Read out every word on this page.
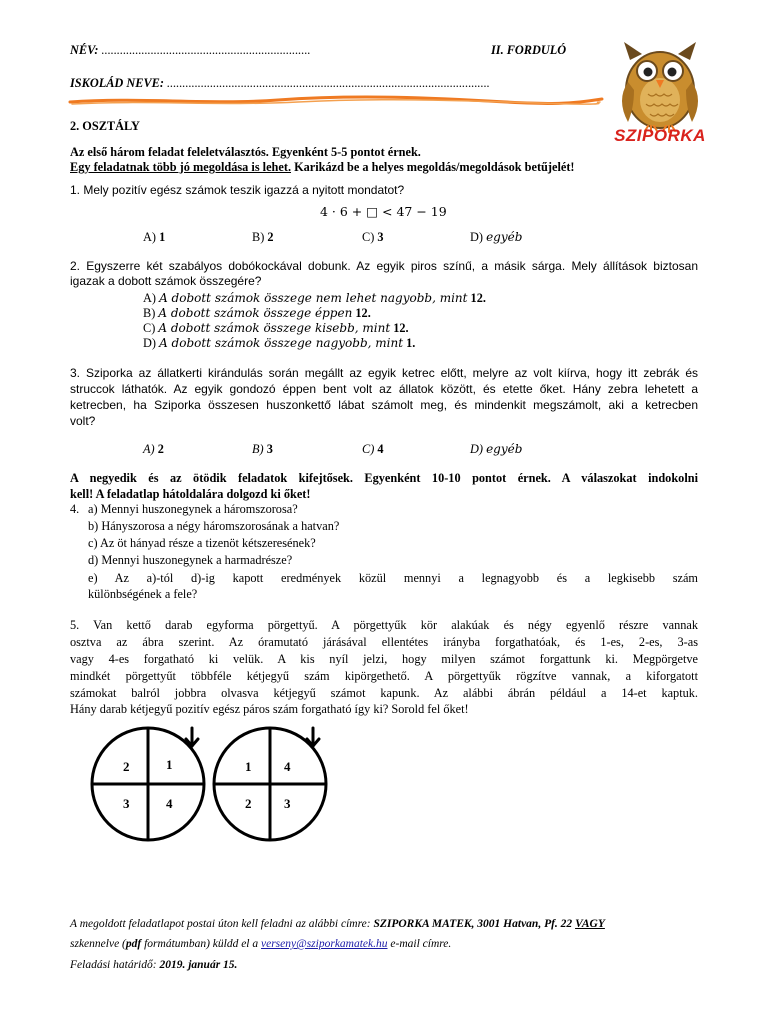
NÉV: ....................................................................	II. FORDULÓ
ISKOLÁD NEVE: .........................................................................................................
SZIPORKA
2. OSZTÁLY
Az első három feladat feleletválasztós. Egyenként 5-5 pontot érnek.
Egy feladatnak több jó megoldása is lehet. Karikázd be a helyes megoldás/megoldások betűjelét!
1. Mely pozitív egész számok teszik igazzá a nyitott mondatot?
4 · 6 + □ < 47 − 19
A) 1	B) 2	C) 3	D) egyéb
2. Egyszerre két szabályos dobókockával dobunk. Az egyik piros színű, a másik sárga. Mely állítások biztosan
igazak a dobott számok összegére?
A) A dobott számok összege nem lehet nagyobb, mint 12.
B) A dobott számok összege éppen 12.
C) A dobott számok összege kisebb, mint 12.
D) A dobott számok összege nagyobb, mint 1.
3. Sziporka az állatkerti kirándulás során megállt az egyik ketrec előtt, melyre az volt kiírva, hogy itt zebrák és
struccok láthatók. Az egyik gondozó éppen bent volt az állatok között, és etette őket. Hány zebra lehetett a
ketrecben, ha Sziporka összesen huszonkettő lábat számolt meg, és mindenkit megszámolt, aki a ketrecben
volt?
A) 2	B) 3	C) 4	D) egyéb
A negyedik és az ötödik feladatok kifejtősek. Egyenként 10-10 pontot érnek. A válaszokat indokolni
kell! A feladatlap hátoldalára dolgozd ki őket!
4. a) Mennyi huszonegynek a háromszorosa?
b) Hányszorosa a négy háromszorosának a hatvan?
c) Az öt hányad része a tizenöt kétszeresének?
d) Mennyi huszonegynek a harmadrésze?
e) Az a)-tól d)-ig kapott eredmények közül mennyi a legnagyobb és a legkisebb szám
különbségének a fele?
5. Van kettő darab egyforma pörgettyű. A pörgettyűk kör alakúak és négy egyenlő részre vannak
osztva az ábra szerint. Az óramutató járásával ellentétes irányba forgathatóak, és 1-es, 2-es, 3-as
vagy 4-es forgatható ki velük. A kis nyíl jelzi, hogy milyen számot forgattunk ki. Megpörgetve
mindkét pörgettyűt többféle kétjegyű szám kipörgethető. A pörgettyűk rögzítve vannak, a kiforgatott
számokat balról jobbra olvasva kétjegyű számot kapunk. Az alábbi ábrán például a 14-et kaptuk.
Hány darab kétjegyű pozitív egész páros szám forgatható így ki? Sorold fel őket!
2	1
3	4
1	4
2	3
A megoldott feladatlapot postai úton kell feladni az alábbi címre: SZIPORKA MATEK, 3001 Hatvan, Pf. 22 VAGY
szkennelve (pdf formátumban) küldd el a verseny@sziporkamatek.hu e-mail címre.
Feladási határidő: 2019. január 15.
